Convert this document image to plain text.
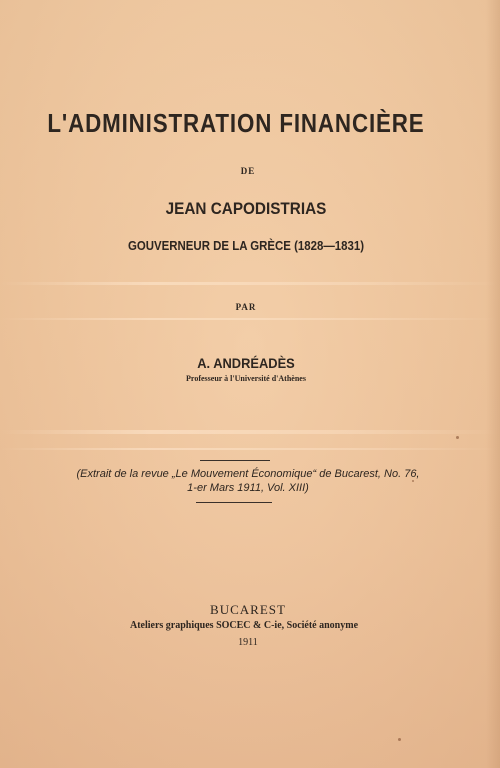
L'ADMINISTRATION FINANCIÈRE
DE
JEAN CAPODISTRIAS
GOUVERNEUR DE LA GRÈCE (1828—1831)
PAR
A. ANDRÉADÈS
Professeur à l'Université d'Athènes
(Extrait de la revue „Le Mouvement Économique“ de Bucarest, No. 76,
1-er Mars 1911, Vol. XIII)
BUCAREST
Ateliers graphiques SOCEC & C-ie, Société anonyme
1911
